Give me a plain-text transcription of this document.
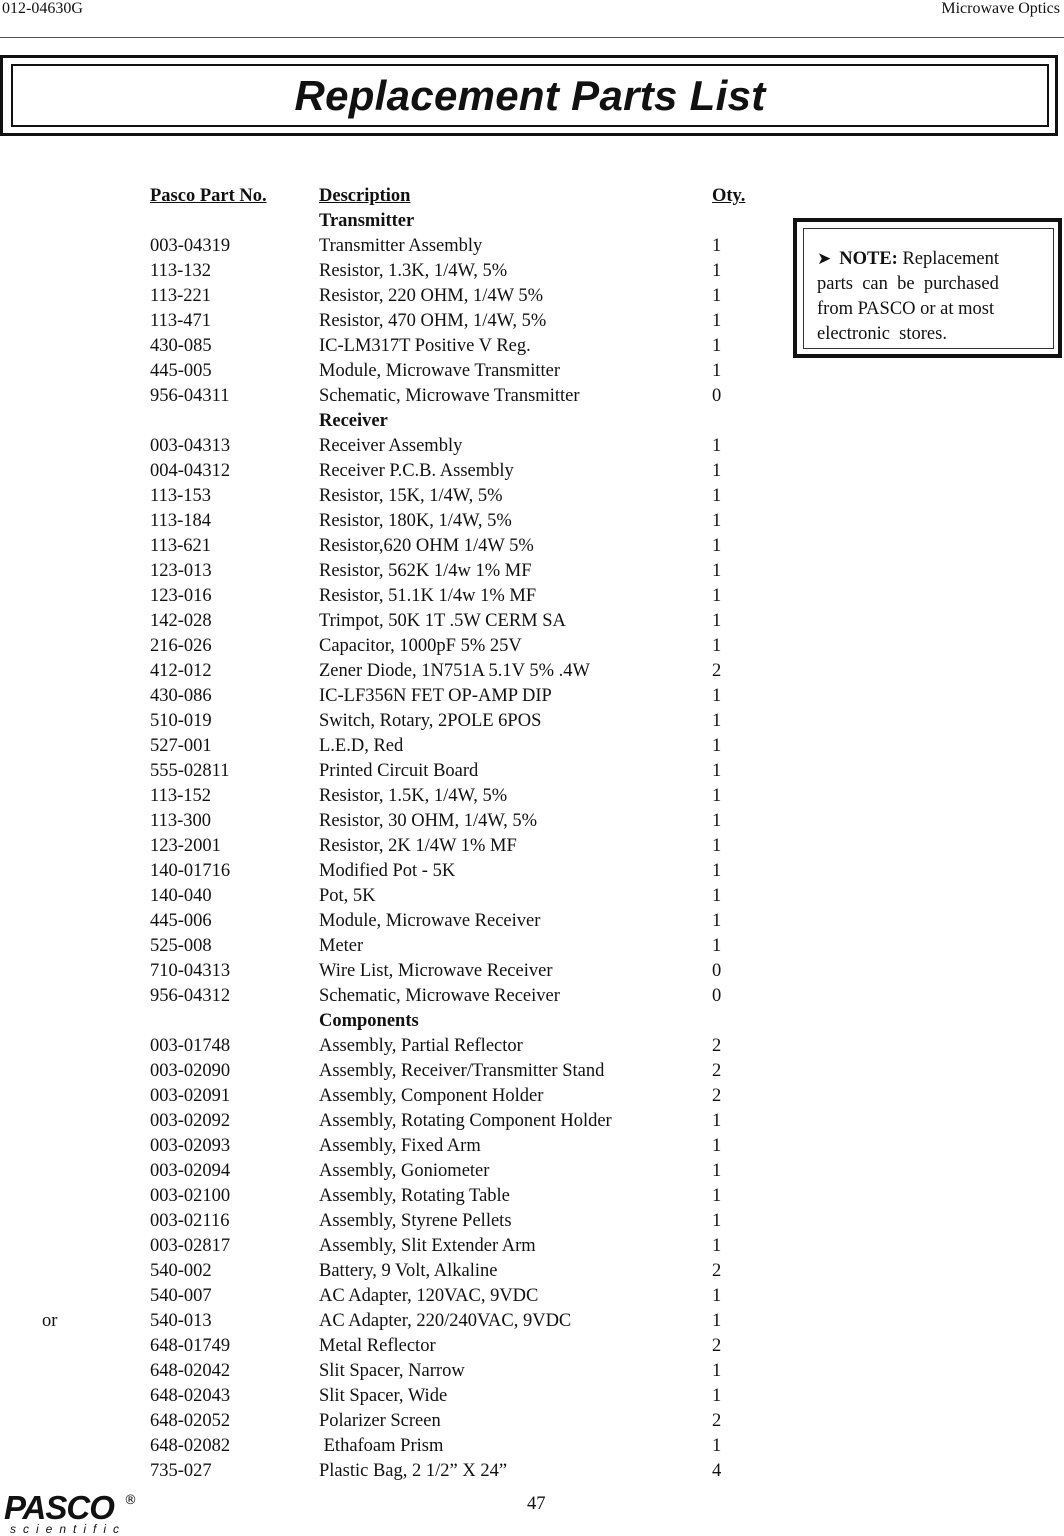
012-04630G	Microwave Optics
Replacement Parts List
Pasco Part No.	Description	Oty.
Transmitter
003-04319	Transmitter Assembly	1
113-132	Resistor, 1.3K, 1/4W, 5%	1
113-221	Resistor, 220 OHM, 1/4W 5%	1
113-471	Resistor, 470 OHM, 1/4W, 5%	1
430-085	IC-LM317T Positive V Reg.	1
445-005	Module, Microwave Transmitter	1
956-04311	Schematic, Microwave Transmitter	0
Receiver
003-04313	Receiver Assembly	1
004-04312	Receiver P.C.B. Assembly	1
113-153	Resistor, 15K, 1/4W, 5%	1
113-184	Resistor, 180K, 1/4W, 5%	1
113-621	Resistor,620 OHM 1/4W 5%	1
123-013	Resistor, 562K 1/4w 1% MF	1
123-016	Resistor, 51.1K 1/4w 1% MF	1
142-028	Trimpot, 50K 1T .5W CERM SA	1
216-026	Capacitor, 1000pF 5% 25V	1
412-012	Zener Diode, 1N751A 5.1V 5% .4W	2
430-086	IC-LF356N FET OP-AMP DIP	1
510-019	Switch, Rotary, 2POLE 6POS	1
527-001	L.E.D, Red	1
555-02811	Printed Circuit Board	1
113-152	Resistor, 1.5K, 1/4W, 5%	1
113-300	Resistor, 30 OHM, 1/4W, 5%	1
123-2001	Resistor, 2K 1/4W 1% MF	1
140-01716	Modified Pot - 5K	1
140-040	Pot, 5K	1
445-006	Module, Microwave Receiver	1
525-008	Meter	1
710-04313	Wire List, Microwave Receiver	0
956-04312	Schematic, Microwave Receiver	0
Components
003-01748	Assembly, Partial Reflector	2
003-02090	Assembly, Receiver/Transmitter Stand	2
003-02091	Assembly, Component Holder	2
003-02092	Assembly, Rotating Component Holder	1
003-02093	Assembly, Fixed Arm	1
003-02094	Assembly, Goniometer	1
003-02100	Assembly, Rotating Table	1
003-02116	Assembly, Styrene Pellets	1
003-02817	Assembly, Slit Extender Arm	1
540-002	Battery, 9 Volt, Alkaline	2
540-007	AC Adapter, 120VAC, 9VDC	1
540-013	AC Adapter, 220/240VAC, 9VDC	1
648-01749	Metal Reflector	2
648-02042	Slit Spacer, Narrow	1
648-02043	Slit Spacer, Wide	1
648-02052	Polarizer Screen	2
648-02082	Ethafoam Prism	1
735-027	Plastic Bag, 2 1/2” X 24”	4
or
➤ NOTE: Replacement
parts  can  be  purchased
from PASCO or at most
electronic  stores.
47
PASCO ®
scientific
